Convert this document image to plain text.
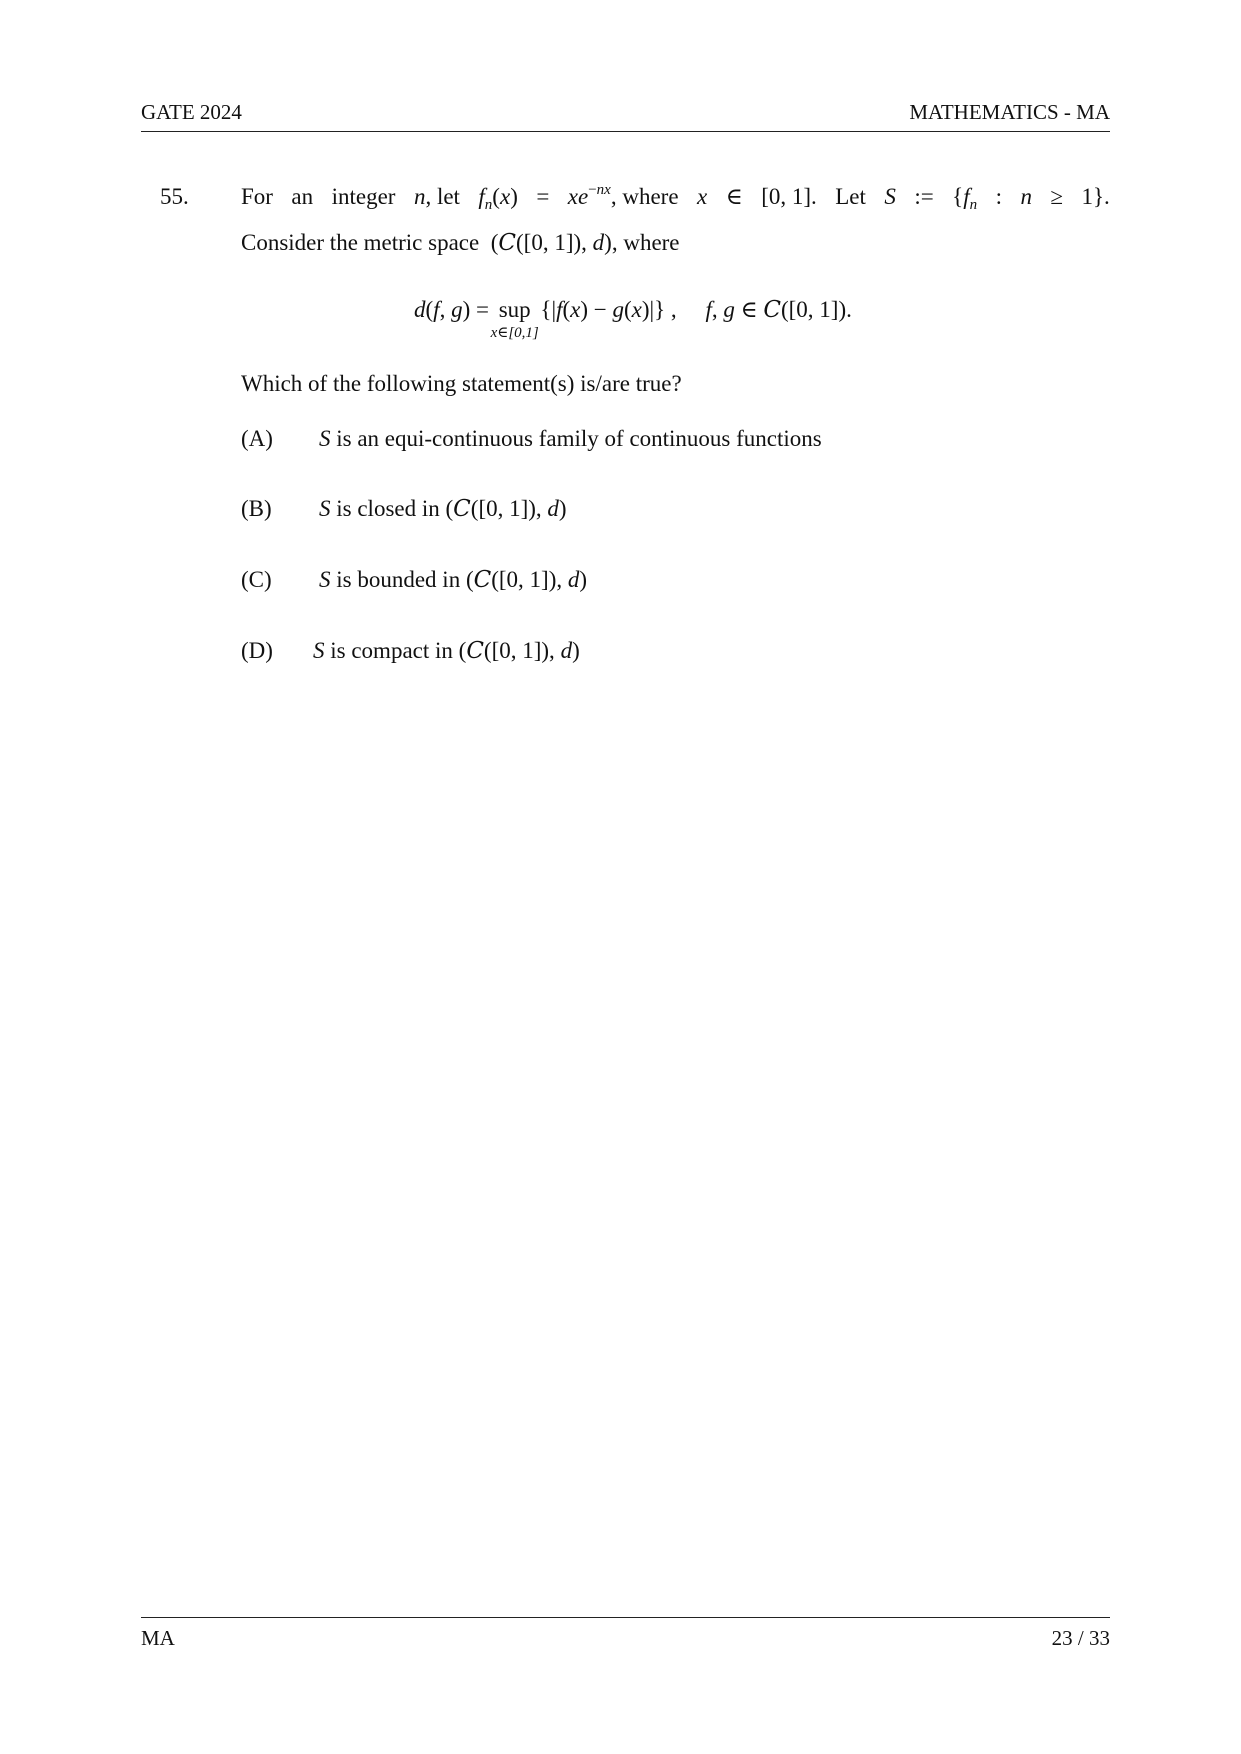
GATE 2024	MATHEMATICS - MA
55. For an integer n, let $f_n(x) = xe^{-nx}$, where x ∈ [0, 1]. Let S := {$f_n$ : n ≥ 1}.
Consider the metric space  (C([0, 1]), d), where
d(f, g) = sup
x∈[0,1]
{|f(x) − g(x)|} ,     f, g ∈ C([0, 1]).
Which of the following statement(s) is/are true?
(A) S is an equi-continuous family of continuous functions
(B) S is closed in (C([0, 1]), d)
(C) S is bounded in (C([0, 1]), d)
(D) S is compact in (C([0, 1]), d)
MA	23 / 33
